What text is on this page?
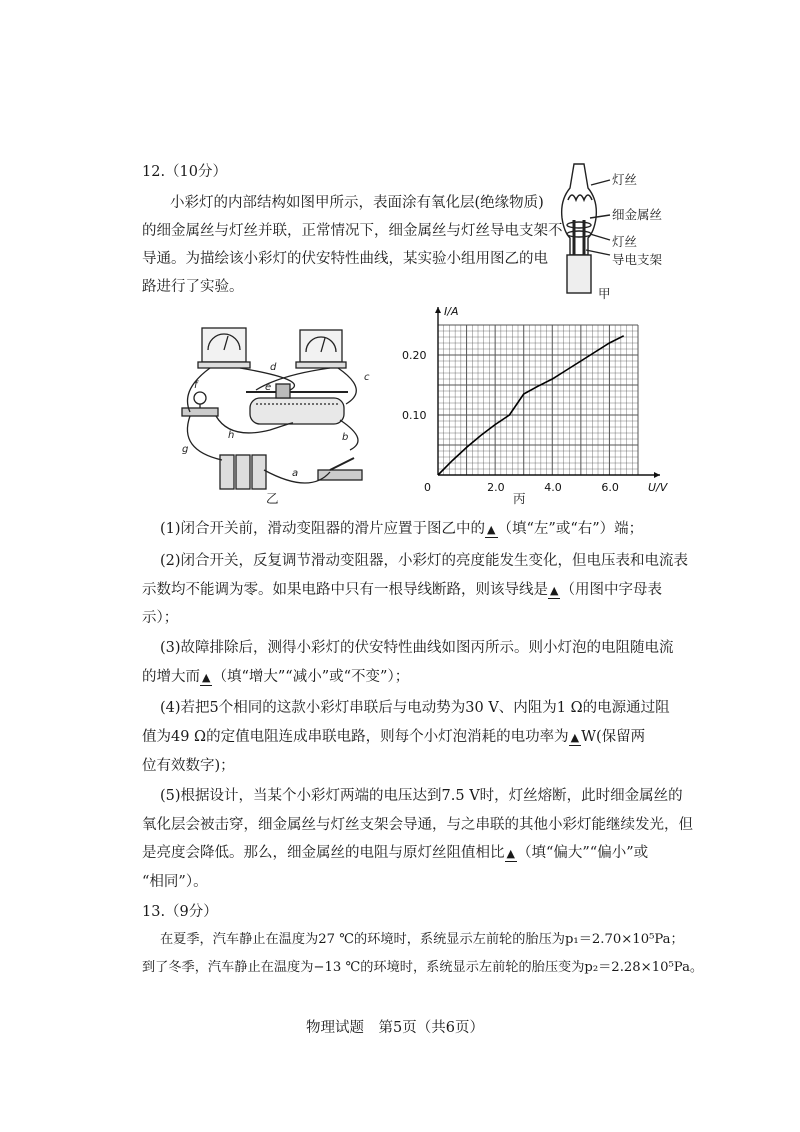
12.（10分）
小彩灯的内部结构如图甲所示，表面涂有氧化层(绝缘物质)
的细金属丝与灯丝并联，正常情况下，细金属丝与灯丝导电支架不
导通。为描绘该小彩灯的伏安特性曲线，某实验小组用图乙的电
路进行了实验。
灯丝
细金属丝
灯丝
导电支架
甲
f
d
e
c
g
h	b
a
乙
0	2.0	4.0	6.0
0.10
0.20
U/V
I/A
丙
(1)闭合开关前，滑动变阻器的滑片应置于图乙中的 ▲ （填“左”或“右”）端；
(2)闭合开关，反复调节滑动变阻器，小彩灯的亮度能发生变化，但电压表和电流表
示数均不能调为零。如果电路中只有一根导线断路，则该导线是 ▲ （用图中字母表
示）；
(3)故障排除后，测得小彩灯的伏安特性曲线如图丙所示。则小灯泡的电阻随电流
的增大而 ▲ （填“增大”“减小”或“不变”）；
(4)若把5个相同的这款小彩灯串联后与电动势为30 V、内阻为1 Ω的电源通过阻
值为49 Ω的定值电阻连成串联电路，则每个小灯泡消耗的电功率为 ▲ W(保留两
位有效数字)；
(5)根据设计，当某个小彩灯两端的电压达到7.5 V时，灯丝熔断，此时细金属丝的
氧化层会被击穿，细金属丝与灯丝支架会导通，与之串联的其他小彩灯能继续发光，但
是亮度会降低。那么，细金属丝的电阻与原灯丝阻值相比 ▲ （填“偏大”“偏小”或
“相同”）。
13.（9分）
在夏季，汽车静止在温度为27 ℃的环境时，系统显示左前轮的胎压为p₁＝2.70×10⁵Pa；
到了冬季，汽车静止在温度为−13 ℃的环境时，系统显示左前轮的胎压变为p₂＝2.28×10⁵Pa。
物理试题　第5页（共6页）
